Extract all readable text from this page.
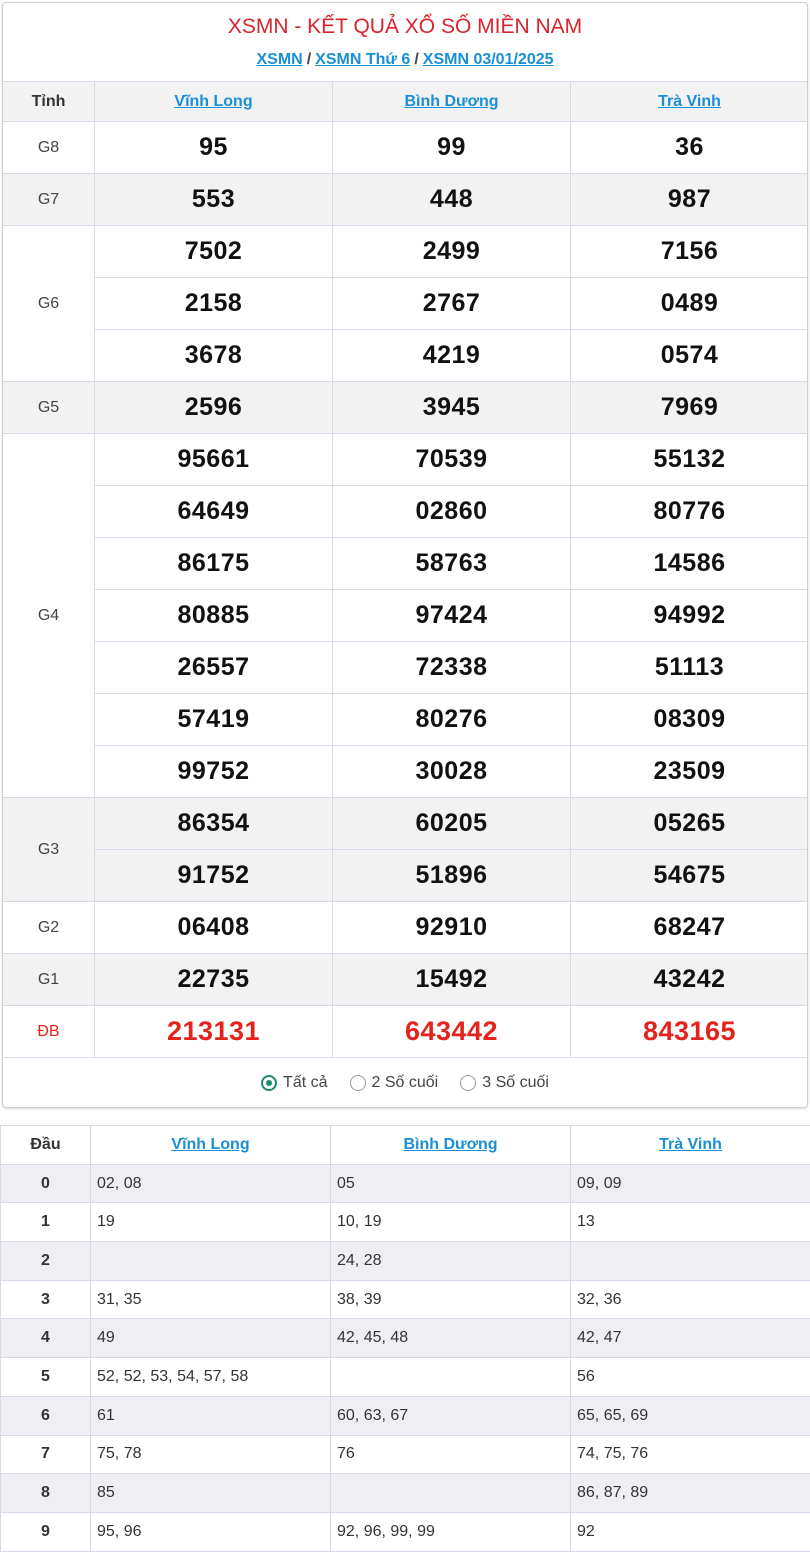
XSMN - KẾT QUẢ XỔ SỐ MIỀN NAM
XSMN / XSMN Thứ 6 / XSMN 03/01/2025
Tỉnh	Vĩnh Long	Bình Dương	Trà Vinh
G8	95	99	36
G7	553	448	987
G6	7502	2499	7156
	2158	2767	0489
	3678	4219	0574
G5	2596	3945	7969
G4	95661	70539	55132
	64649	02860	80776
	86175	58763	14586
	80885	97424	94992
	26557	72338	51113
	57419	80276	08309
	99752	30028	23509
G3	86354	60205	05265
	91752	51896	54675
G2	06408	92910	68247
G1	22735	15492	43242
ĐB	213131	643442	843165
Tất cả	2 Số cuối	3 Số cuối
Đầu	Vĩnh Long	Bình Dương	Trà Vinh
0	02, 08	05	09, 09
1	19	10, 19	13
2		24, 28	
3	31, 35	38, 39	32, 36
4	49	42, 45, 48	42, 47
5	52, 52, 53, 54, 57, 58		56
6	61	60, 63, 67	65, 65, 69
7	75, 78	76	74, 75, 76
8	85		86, 87, 89
9	95, 96	92, 96, 99, 99	92
